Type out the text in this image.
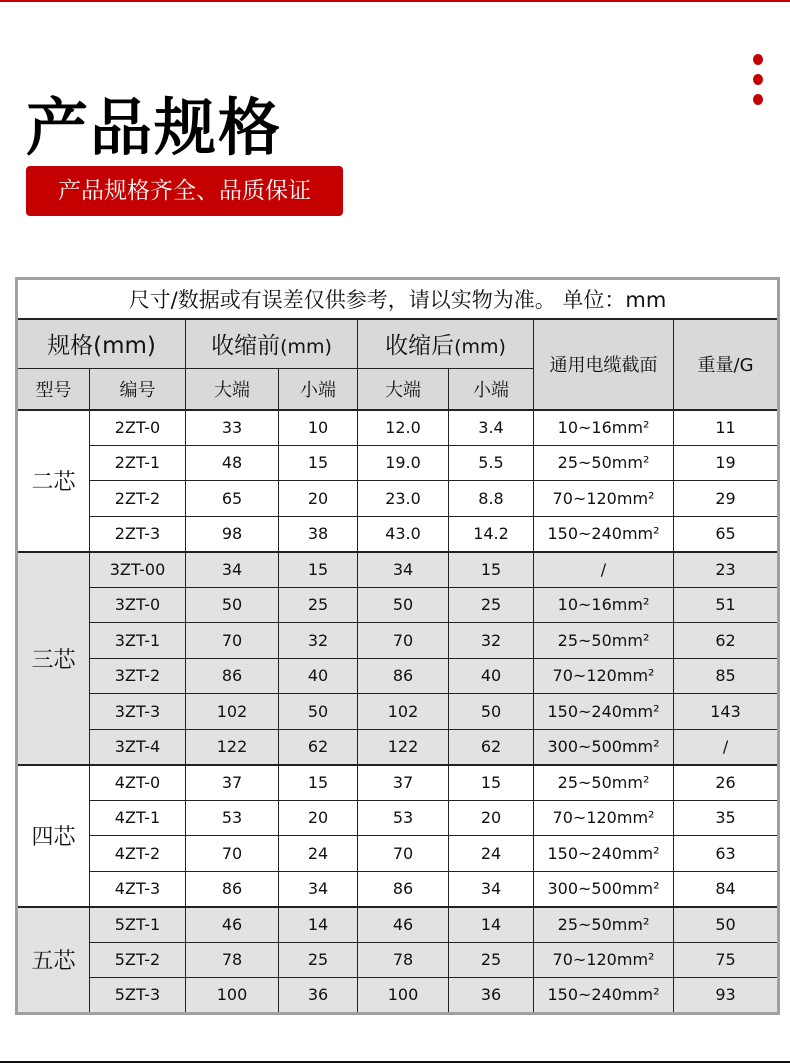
产品规格
产品规格齐全、品质保证
尺寸/数据或有误差仅供参考，请以实物为准。 单位：mm							
规格(mm)		收缩前(mm)		收缩后(mm)		通用电缆截面	重量/G
型号	编号	大端	小端	大端	小端		
二芯	2ZT-0	33	10	12.0	3.4	10~16mm²	11
	2ZT-1	48	15	19.0	5.5	25~50mm²	19
	2ZT-2	65	20	23.0	8.8	70~120mm²	29
	2ZT-3	98	38	43.0	14.2	150~240mm²	65
三芯	3ZT-00	34	15	34	15	/	23
	3ZT-0	50	25	50	25	10~16mm²	51
	3ZT-1	70	32	70	32	25~50mm²	62
	3ZT-2	86	40	86	40	70~120mm²	85
	3ZT-3	102	50	102	50	150~240mm²	143
	3ZT-4	122	62	122	62	300~500mm²	/
四芯	4ZT-0	37	15	37	15	25~50mm²	26
	4ZT-1	53	20	53	20	70~120mm²	35
	4ZT-2	70	24	70	24	150~240mm²	63
	4ZT-3	86	34	86	34	300~500mm²	84
五芯	5ZT-1	46	14	46	14	25~50mm²	50
	5ZT-2	78	25	78	25	70~120mm²	75
	5ZT-3	100	36	100	36	150~240mm²	93
